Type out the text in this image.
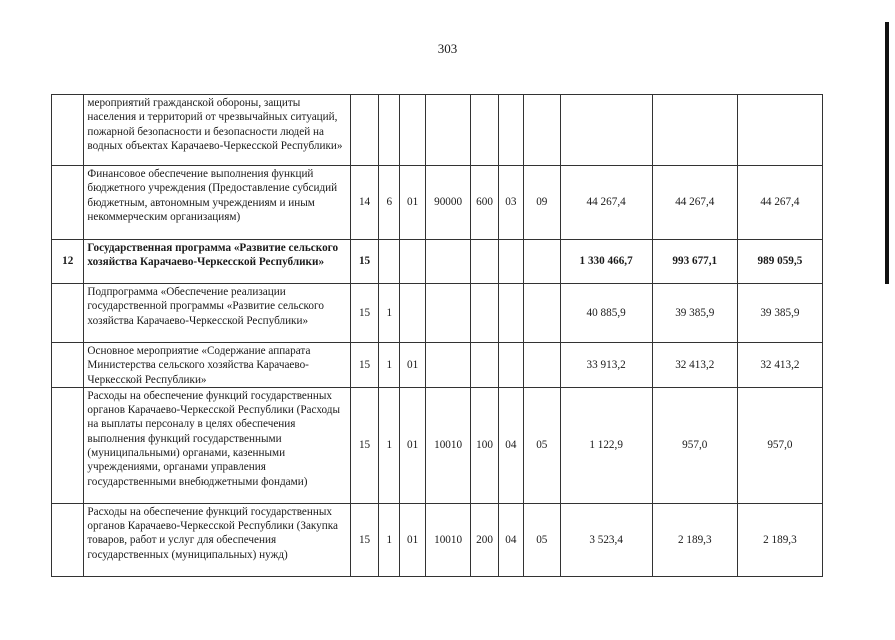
303
	мероприятий гражданской обороны, защиты населения и территорий от чрезвычайных ситуаций, пожарной безопасности и безопасности людей на водных объектах Карачаево-Черкесской Республики»										
	Финансовое обеспечение выполнения функций бюджетного учреждения (Предоставление субсидий бюджетным, автономным учреждениям и иным некоммерческим организациям)	14	6	01	90000	600	03	09	44 267,4	44 267,4	44 267,4
12	Государственная программа «Развитие сельского хозяйства Карачаево-Черкесской Республики»	15							1 330 466,7	993 677,1	989 059,5
	Подпрограмма «Обеспечение реализации государственной программы «Развитие сельского хозяйства Карачаево-Черкесской Республики»	15	1						40 885,9	39 385,9	39 385,9
	Основное мероприятие «Содержание аппарата Министерства сельского хозяйства Карачаево-Черкесской Республики»	15	1	01					33 913,2	32 413,2	32 413,2
	Расходы на обеспечение функций государственных органов Карачаево-Черкесской Республики (Расходы на выплаты персоналу в целях обеспечения выполнения функций государственными (муниципальными) органами, казенными учреждениями, органами управления государственными внебюджетными фондами)	15	1	01	10010	100	04	05	1 122,9	957,0	957,0
	Расходы на обеспечение функций государственных органов Карачаево-Черкесской Республики (Закупка товаров, работ и услуг для обеспечения государственных (муниципальных) нужд)	15	1	01	10010	200	04	05	3 523,4	2 189,3	2 189,3
